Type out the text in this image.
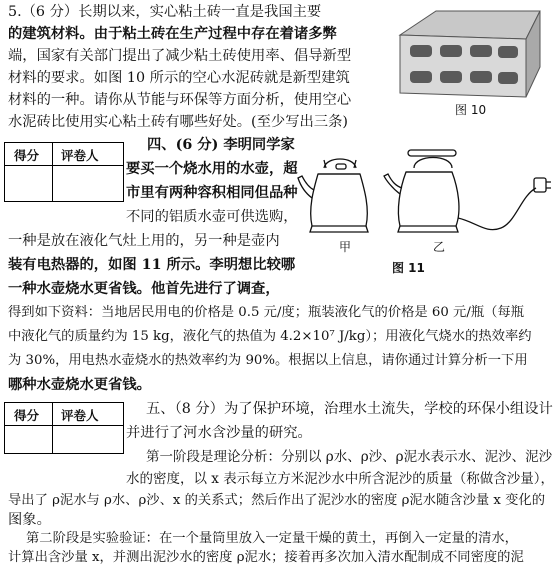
5.（6 分）长期以来，实心粘土砖一直是我国主要
的建筑材料。由于粘土砖在生产过程中存在着诸多弊
端，国家有关部门提出了减少粘土砖使用率、倡导新型
材料的要求。如图 10 所示的空心水泥砖就是新型建筑
材料的一种。请你从节能与环保等方面分析，使用空心
水泥砖比使用实心粘土砖有哪些好处。(至少写出三条)
图 10
得分 评卷人
四、(6 分) 李明同学家
要买一个烧水用的水壶，超
市里有两种容积相同但品种
不同的铝质水壶可供选购，
一种是放在液化气灶上用的，另一种是壶内
装有电热器的，如图 11 所示。李明想比较哪
一种水壶烧水更省钱。他首先进行了调查，
得到如下资料：当地居民用电的价格是 0.5 元/度；瓶装液化气的价格是 60 元/瓶（每瓶
中液化气的质量约为 15 kg，液化气的热值为 4.2×10⁷ J/kg）；用液化气烧水的热效率约
为 30%，用电热水壶烧水的热效率约为 90%。根据以上信息，请你通过计算分析一下用
哪种水壶烧水更省钱。
甲	乙
图 11
得分 评卷人	五、（8 分）为了保护环境，治理水土流失，学校的环保小组设计
并进行了河水含沙量的研究。
第一阶段是理论分析：分别以 ρ水、ρ沙、ρ泥水表示水、泥沙、泥沙
水的密度，以 x 表示每立方米泥沙水中所含泥沙的质量（称做含沙量），
导出了 ρ泥水与 ρ水、ρ沙、x 的关系式；然后作出了泥沙水的密度 ρ泥水随含沙量 x 变化的
图象。
第二阶段是实验验证：在一个量筒里放入一定量干燥的黄土，再倒入一定量的清水，
计算出含沙量 x，并测出泥沙水的密度 ρ泥水；接着再多次加入清水配制成不同密度的泥
